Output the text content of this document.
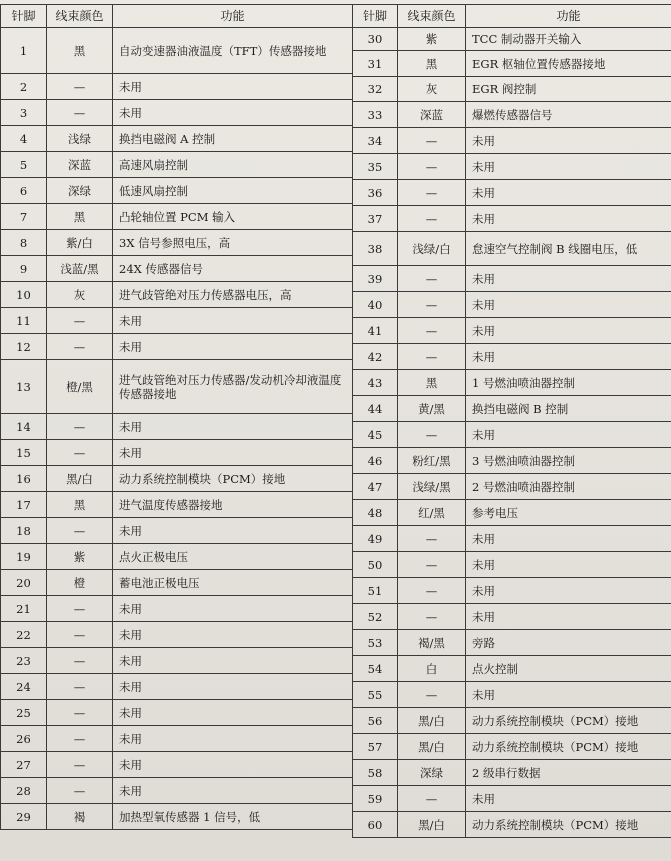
针脚	线束颜色	功能
1	黑	自动变速器油液温度（TFT）传感器接地
2	—	未用
3	—	未用
4	浅绿	换挡电磁阀 A 控制
5	深蓝	高速风扇控制
6	深绿	低速风扇控制
7	黑	凸轮轴位置 PCM 输入
8	紫/白	3X 信号参照电压，高
9	浅蓝/黑	24X 传感器信号
10	灰	进气歧管绝对压力传感器电压，高
11	—	未用
12	—	未用
13	橙/黑	进气歧管绝对压力传感器/发动机冷却液温度传感器接地
14	—	未用
15	—	未用
16	黑/白	动力系统控制模块（PCM）接地
17	黑	进气温度传感器接地
18	—	未用
19	紫	点火正极电压
20	橙	蓄电池正极电压
21	—	未用
22	—	未用
23	—	未用
24	—	未用
25	—	未用
26	—	未用
27	—	未用
28	—	未用
29	褐	加热型氧传感器 1 信号，低
针脚	线束颜色	功能
30	紫	TCC 制动器开关输入
31	黑	EGR 枢轴位置传感器接地
32	灰	EGR 阀控制
33	深蓝	爆燃传感器信号
34	—	未用
35	—	未用
36	—	未用
37	—	未用
38	浅绿/白	怠速空气控制阀 B 线圈电压，低
39	—	未用
40	—	未用
41	—	未用
42	—	未用
43	黑	1 号燃油喷油器控制
44	黄/黑	换挡电磁阀 B 控制
45	—	未用
46	粉红/黑	3 号燃油喷油器控制
47	浅绿/黑	2 号燃油喷油器控制
48	红/黑	参考电压
49	—	未用
50	—	未用
51	—	未用
52	—	未用
53	褐/黑	旁路
54	白	点火控制
55	—	未用
56	黑/白	动力系统控制模块（PCM）接地
57	黑/白	动力系统控制模块（PCM）接地
58	深绿	2 级串行数据
59	—	未用
60	黑/白	动力系统控制模块（PCM）接地
